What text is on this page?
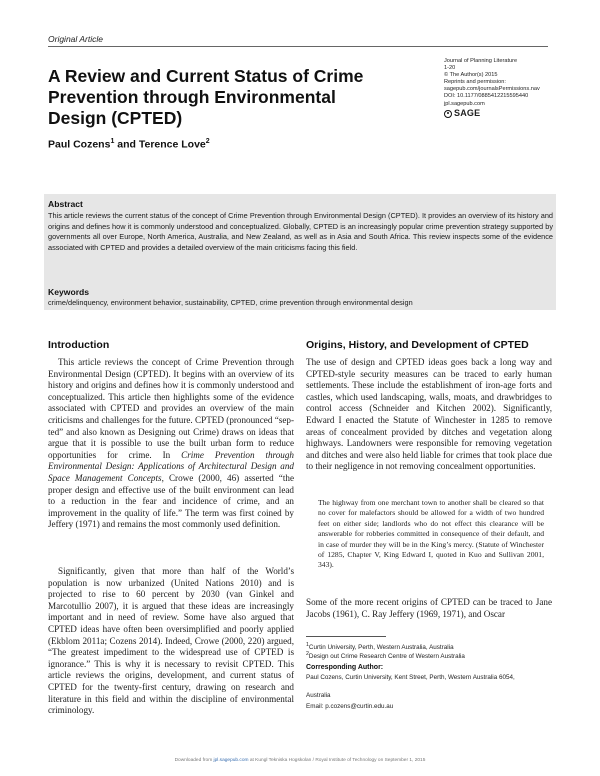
Original Article
A Review and Current Status of Crime Prevention through Environmental Design (CPTED)
Paul Cozens$^1$ and Terence Love$^2$
Journal of Planning Literature
1-20
© The Author(s) 2015
Reprints and permission:
sagepub.com/journalsPermissions.nav
DOI: 10.1177/0885412215595440
jpl.sagepub.com
SAGE
Abstract
This article reviews the current status of the concept of Crime Prevention through Environmental Design (CPTED). It provides an overview of its history and origins and defines how it is commonly understood and conceptualized. Globally, CPTED is an increasingly popular crime prevention strategy supported by governments all over Europe, North America, Australia, and New Zealand, as well as in Asia and South Africa. This review inspects some of the evidence associated with CPTED and provides a detailed overview of the main criticisms facing this field.
Keywords
crime/delinquency, environment behavior, sustainability, CPTED, crime prevention through environmental design
Introduction

This article reviews the concept of Crime Prevention through Environmental Design (CPTED). It begins with an overview of its history and origins and defines how it is commonly understood and conceptualized. This article then highlights some of the evidence associated with CPTED and provides an overview of the main criticisms and challenges for the future. CPTED (pronounced “sep-ted” and also known as Designing out Crime) draws on ideas that argue that it is possible to use the built urban form to reduce opportunities for crime. In Crime Prevention through Environmental Design: Applications of Architectural Design and Space Management Concepts, Crowe (2000, 46) asserted “the proper design and effective use of the built environment can lead to a reduction in the fear and incidence of crime, and an improvement in the quality of life.” The term was first coined by Jeffery (1971) and remains the most commonly used definition.

Significantly, given that more than half of the World’s population is now urbanized (United Nations 2010) and is projected to rise to 60 percent by 2030 (van Ginkel and Marcotullio 2007), it is argued that these ideas are increasingly important and in need of review. Some have also argued that CPTED ideas have often been oversimplified and poorly applied (Ekblom 2011a; Cozens 2014). Indeed, Crowe (2000, 220) argued, “The greatest impediment to the widespread use of CPTED is ignorance.” This is why it is necessary to revisit CPTED. This article reviews the origins, development, and current status of CPTED for the twenty-first century, drawing on research and literature in this field and within the discipline of environmental criminology.

Origins, History, and Development of CPTED

The use of design and CPTED ideas goes back a long way and CPTED-style security measures can be traced to early human settlements. These include the establishment of iron-age forts and castles, which used landscaping, walls, moats, and drawbridges to control access (Schneider and Kitchen 2002). Significantly, Edward I enacted the Statute of Winchester in 1285 to remove areas of concealment provided by ditches and vegetation along highways. Landowners were responsible for removing vegetation and ditches and were also held liable for crimes that took place due to their negligence in not removing concealment opportunities.

The highway from one merchant town to another shall be cleared so that no cover for malefactors should be allowed for a width of two hundred feet on either side; landlords who do not effect this clearance will be answerable for robberies committed in consequence of their default, and in case of murder they will be in the King’s mercy. (Statute of Winchester of 1285, Chapter V, King Edward I, quoted in Kuo and Sullivan 2001, 343).

Some of the more recent origins of CPTED can be traced to Jane Jacobs (1961), C. Ray Jeffery (1969, 1971), and Oscar

$^1$Curtin University, Perth, Western Australia, Australia
$^2$Design out Crime Research Centre of Western Australia
Corresponding Author:
Paul Cozens, Curtin University, Kent Street, Perth, Western Australia 6054,
Australia
Email: p.cozens@curtin.edu.au
Downloaded from jpl.sagepub.com at Kungl Tekniska Hogskolan / Royal Institute of Technology on September 1, 2015
